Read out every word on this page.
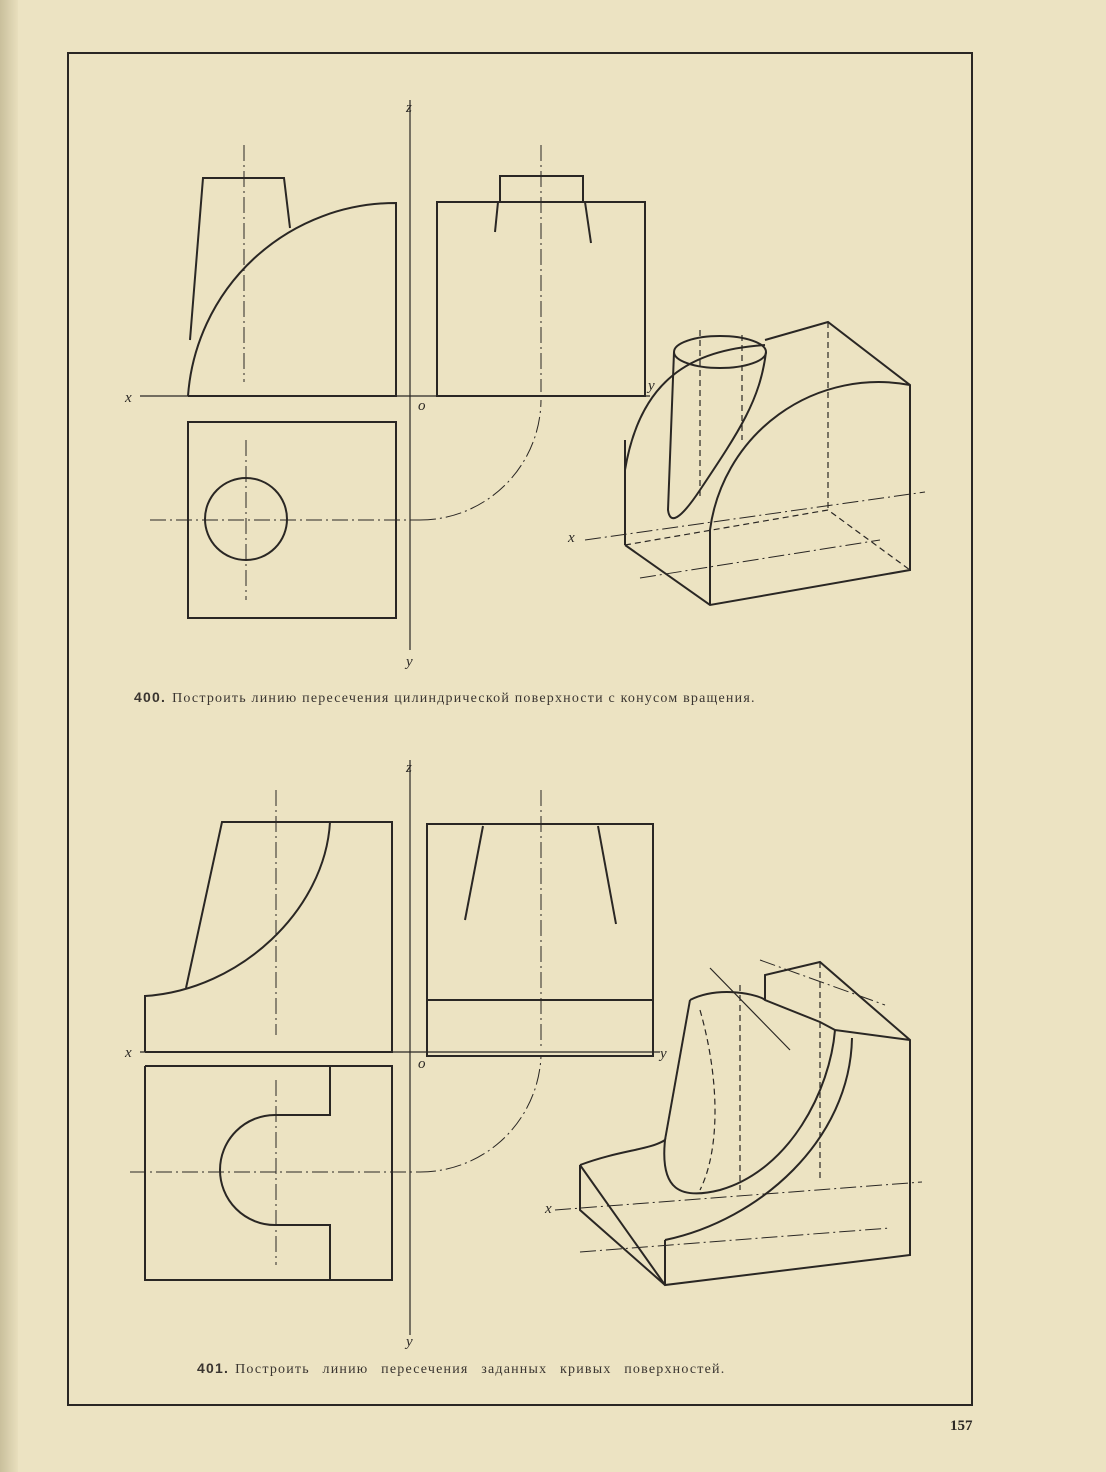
z
x	o
y
y
x
z
x
o
y
y
x
400. Построить линию пересечения цилиндрической поверхности с конусом вращения.
401. Построить линию пересечения заданных кривых поверхностей.
157
